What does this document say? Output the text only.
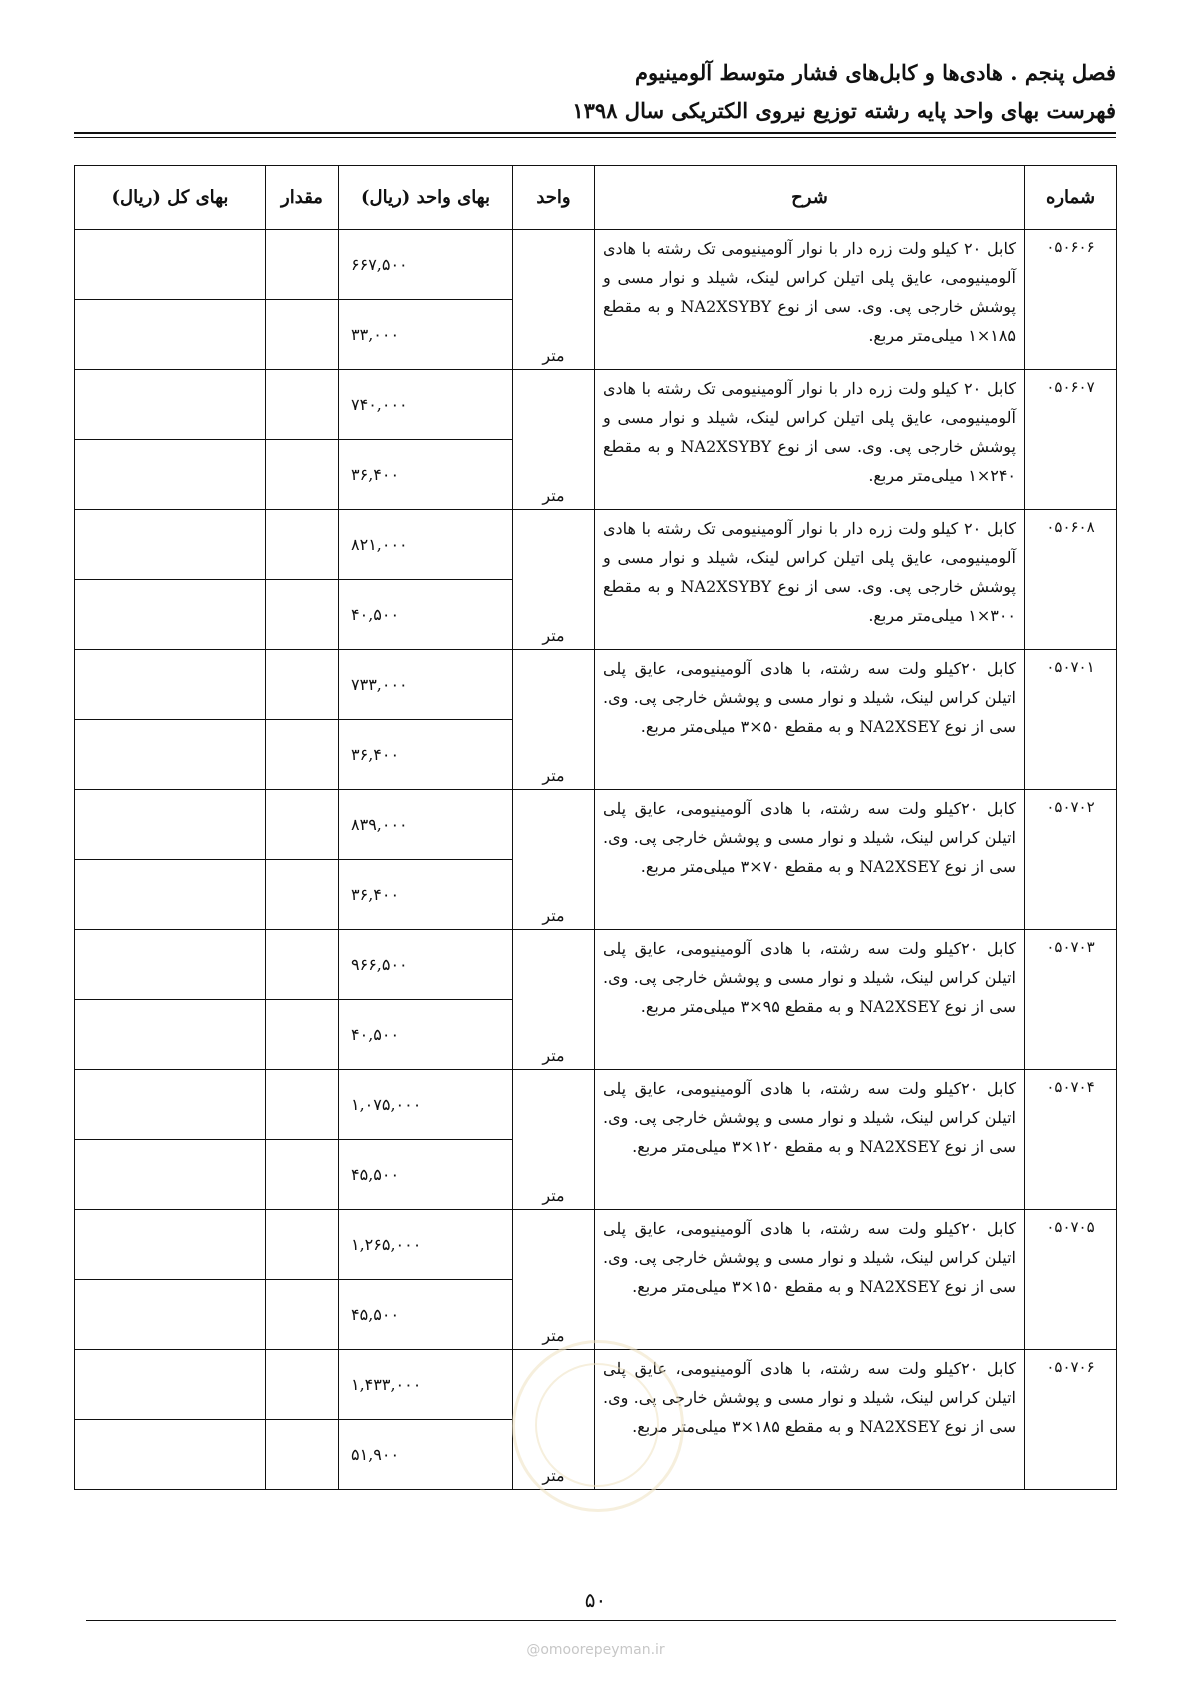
فصل پنجم . هادی‌ها و کابل‌های فشار متوسط آلومینیوم
فهرست بهای واحد پایه رشته توزیع نیروی الکتریکی سال ۱۳۹۸
شماره	شرح	واحد	بهای واحد (ریال)	مقدار	بهای کل (ریال)
۰۵۰۶۰۶	کابل ۲۰ کیلو ولت زره دار با نوار آلومینیومی تک رشته با هادی آلومینیومی، عایق پلی اتیلن کراس لینک، شیلد و نوار مسی و پوشش خارجی پی. وی. سی از نوع NA2XSYBY و به مقطع ۱۸۵×۱ میلی‌متر مربع.	متر	۶۶۷,۵۰۰		
			۳۳,۰۰۰		
۰۵۰۶۰۷	کابل ۲۰ کیلو ولت زره دار با نوار آلومینیومی تک رشته با هادی آلومینیومی، عایق پلی اتیلن کراس لینک، شیلد و نوار مسی و پوشش خارجی پی. وی. سی از نوع NA2XSYBY و به مقطع ۲۴۰×۱ میلی‌متر مربع.	متر	۷۴۰,۰۰۰		
			۳۶,۴۰۰		
۰۵۰۶۰۸	کابل ۲۰ کیلو ولت زره دار با نوار آلومینیومی تک رشته با هادی آلومینیومی، عایق پلی اتیلن کراس لینک، شیلد و نوار مسی و پوشش خارجی پی. وی. سی از نوع NA2XSYBY و به مقطع ۳۰۰×۱ میلی‌متر مربع.	متر	۸۲۱,۰۰۰		
			۴۰,۵۰۰		
۰۵۰۷۰۱	کابل ۲۰کیلو ولت سه رشته، با هادی آلومینیومی، عایق پلی اتیلن کراس لینک، شیلد و نوار مسی و پوشش خارجی پی. وی. سی از نوع NA2XSEY و به مقطع ۵۰×۳ میلی‌متر مربع.	متر	۷۳۳,۰۰۰		
			۳۶,۴۰۰		
۰۵۰۷۰۲	کابل ۲۰کیلو ولت سه رشته، با هادی آلومینیومی، عایق پلی اتیلن کراس لینک، شیلد و نوار مسی و پوشش خارجی پی. وی. سی از نوع NA2XSEY و به مقطع ۷۰×۳ میلی‌متر مربع.	متر	۸۳۹,۰۰۰		
			۳۶,۴۰۰		
۰۵۰۷۰۳	کابل ۲۰کیلو ولت سه رشته، با هادی آلومینیومی، عایق پلی اتیلن کراس لینک، شیلد و نوار مسی و پوشش خارجی پی. وی. سی از نوع NA2XSEY و به مقطع ۹۵×۳ میلی‌متر مربع.	متر	۹۶۶,۵۰۰		
			۴۰,۵۰۰		
۰۵۰۷۰۴	کابل ۲۰کیلو ولت سه رشته، با هادی آلومینیومی، عایق پلی اتیلن کراس لینک، شیلد و نوار مسی و پوشش خارجی پی. وی. سی از نوع NA2XSEY و به مقطع ۱۲۰×۳ میلی‌متر مربع.	متر	۱,۰۷۵,۰۰۰		
			۴۵,۵۰۰		
۰۵۰۷۰۵	کابل ۲۰کیلو ولت سه رشته، با هادی آلومینیومی، عایق پلی اتیلن کراس لینک، شیلد و نوار مسی و پوشش خارجی پی. وی. سی از نوع NA2XSEY و به مقطع ۱۵۰×۳ میلی‌متر مربع.	متر	۱,۲۶۵,۰۰۰		
			۴۵,۵۰۰		
۰۵۰۷۰۶	کابل ۲۰کیلو ولت سه رشته، با هادی آلومینیومی، عایق پلی اتیلن کراس لینک، شیلد و نوار مسی و پوشش خارجی پی. وی. سی از نوع NA2XSEY و به مقطع ۱۸۵×۳ میلی‌متر مربع.	متر	۱,۴۳۳,۰۰۰		
			۵۱,۹۰۰		
۵۰
@omoorepeyman.ir
